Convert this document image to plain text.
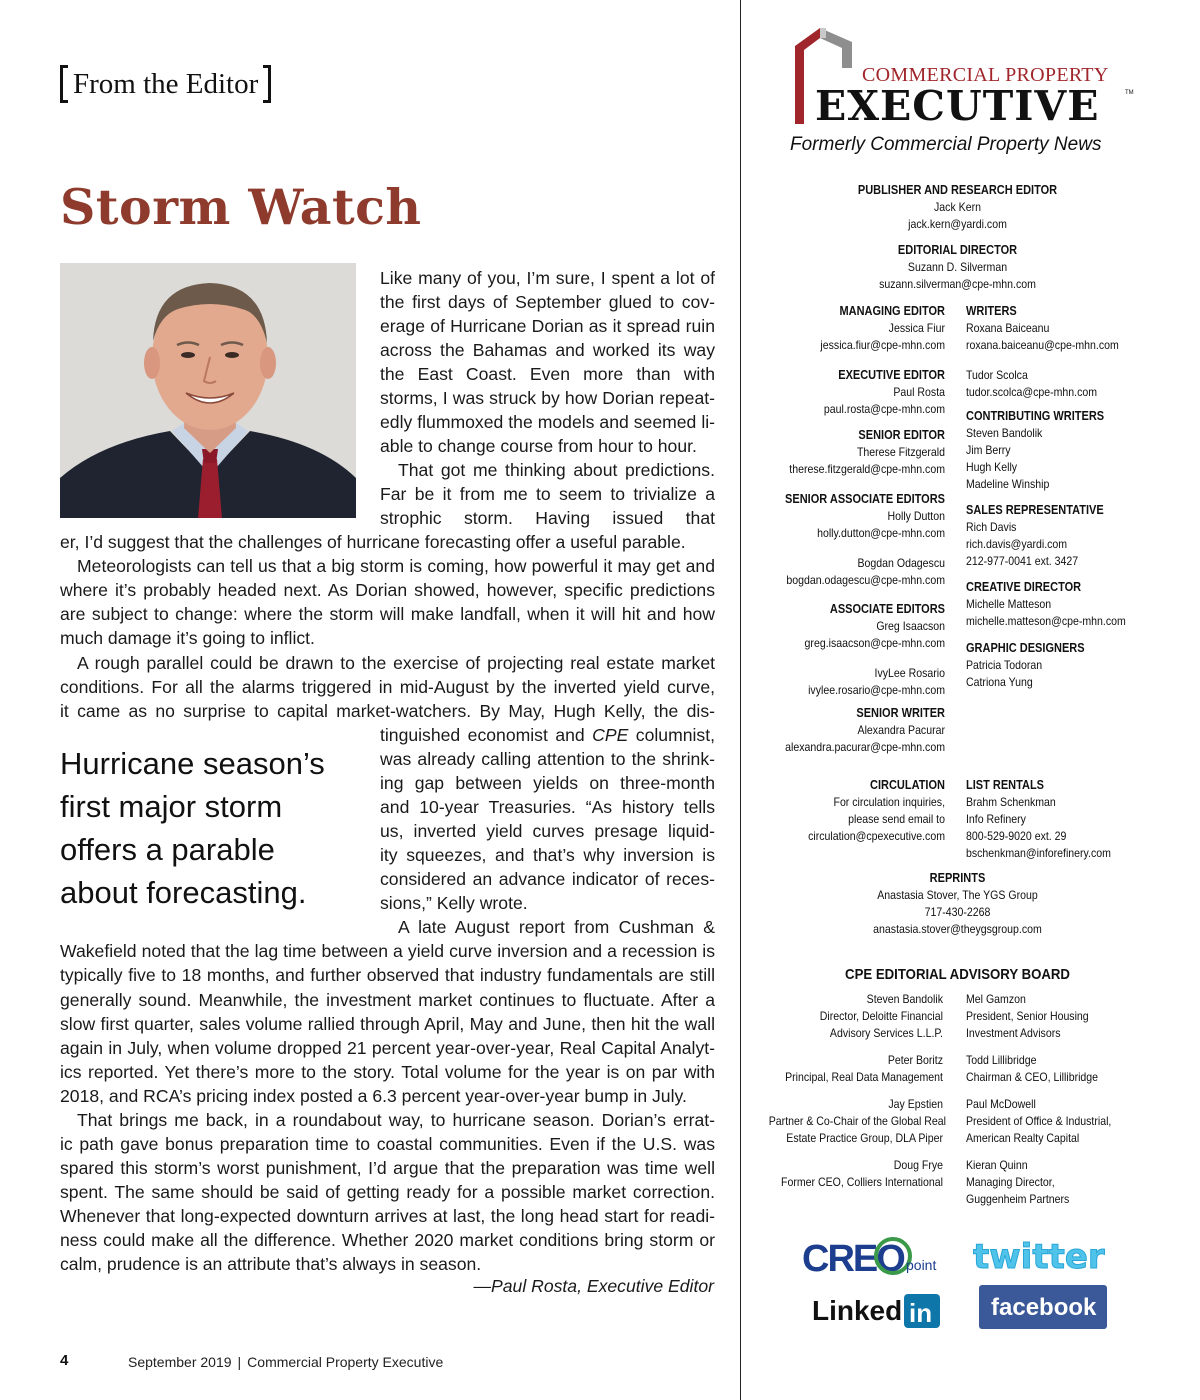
From the Editor
Storm Watch
Like many of you, I’m sure, I spent a lot of
the first days of September glued to cov-
erage of Hurricane Dorian as it spread ruin
across the Bahamas and worked its way
the East Coast. Even more than with
storms, I was struck by how Dorian repeat-
edly flummoxed the models and seemed li-
able to change course from hour to hour.
That got me thinking about predictions.
Far be it from me to seem to trivialize a
strophic storm. Having issued that
er, I’d suggest that the challenges of hurricane forecasting offer a useful parable.
Meteorologists can tell us that a big storm is coming, how powerful it may get and
where it’s probably headed next. As Dorian showed, however, specific predictions
are subject to change: where the storm will make landfall, when it will hit and how
much damage it’s going to inflict.
A rough parallel could be drawn to the exercise of projecting real estate market
conditions. For all the alarms triggered in mid-August by the inverted yield curve,
it came as no surprise to capital market-watchers. By May, Hugh Kelly, the dis-
tinguished economist and CPE columnist,
was already calling attention to the shrink-
ing gap between yields on three-month
and 10-year Treasuries. “As history tells
us, inverted yield curves presage liquid-
ity squeezes, and that’s why inversion is
considered an advance indicator of reces-
sions,” Kelly wrote.
A late August report from Cushman &
Wakefield noted that the lag time between a yield curve inversion and a recession is
typically five to 18 months, and further observed that industry fundamentals are still
generally sound. Meanwhile, the investment market continues to fluctuate. After a
slow first quarter, sales volume rallied through April, May and June, then hit the wall
again in July, when volume dropped 21 percent year-over-year, Real Capital Analyt-
ics reported. Yet there’s more to the story. Total volume for the year is on par with
2018, and RCA’s pricing index posted a 6.3 percent year-over-year bump in July.
That brings me back, in a roundabout way, to hurricane season. Dorian’s errat-
ic path gave bonus preparation time to coastal communities. Even if the U.S. was
spared this storm’s worst punishment, I’d argue that the preparation was time well
spent. The same should be said of getting ready for a possible market correction.
Whenever that long-expected downturn arrives at last, the long head start for readi-
ness could make all the difference. Whether 2020 market conditions bring storm or
calm, prudence is an attribute that’s always in season.
Hurricane season’s
first major storm
offers a parable
about forecasting.
—Paul Rosta, Executive Editor
4	September 2019 | Commercial Property Executive
COMMERCIAL PROPERTY
EXECUTIVE	TM
Formerly Commercial Property News
PUBLISHER AND RESEARCH EDITOR
Jack Kern
jack.kern@yardi.com
EDITORIAL DIRECTOR
Suzann D. Silverman
suzann.silverman@cpe-mhn.com
MANAGING EDITOR
Jessica Fiur
jessica.fiur@cpe-mhn.com
EXECUTIVE EDITOR
Paul Rosta
paul.rosta@cpe-mhn.com
SENIOR EDITOR
Therese Fitzgerald
therese.fitzgerald@cpe-mhn.com
SENIOR ASSOCIATE EDITORS
Holly Dutton
holly.dutton@cpe-mhn.com
Bogdan Odagescu
bogdan.odagescu@cpe-mhn.com
ASSOCIATE EDITORS
Greg Isaacson
greg.isaacson@cpe-mhn.com
IvyLee Rosario
ivylee.rosario@cpe-mhn.com
SENIOR WRITER
Alexandra Pacurar
alexandra.pacurar@cpe-mhn.com
CIRCULATION
For circulation inquiries,
please send email to
circulation@cpexecutive.com
WRITERS
Roxana Baiceanu
roxana.baiceanu@cpe-mhn.com
Tudor Scolca
tudor.scolca@cpe-mhn.com
CONTRIBUTING WRITERS
Steven Bandolik
Jim Berry
Hugh Kelly
Madeline Winship
SALES REPRESENTATIVE
Rich Davis
rich.davis@yardi.com
212-977-0041 ext. 3427
CREATIVE DIRECTOR
Michelle Matteson
michelle.matteson@cpe-mhn.com
GRAPHIC DESIGNERS
Patricia Todoran
Catriona Yung
LIST RENTALS
Brahm Schenkman
Info Refinery
800-529-9020 ext. 29
bschenkman@inforefinery.com
REPRINTS
Anastasia Stover, The YGS Group
717-430-2268
anastasia.stover@theygsgroup.com
CPE EDITORIAL ADVISORY BOARD
Steven Bandolik
Director, Deloitte Financial
Advisory Services L.L.P.
Peter Boritz
Principal, Real Data Management
Jay Epstien
Partner & Co-Chair of the Global Real
Estate Practice Group, DLA Piper
Doug Frye
Former CEO, Colliers International
Mel Gamzon
President, Senior Housing
Investment Advisors
Todd Lillibridge
Chairman & CEO, Lillibridge
Paul McDowell
President of Office & Industrial,
American Realty Capital
Kieran Quinn
Managing Director,
Guggenheim Partners
CREO point twitter
Linked in facebook
